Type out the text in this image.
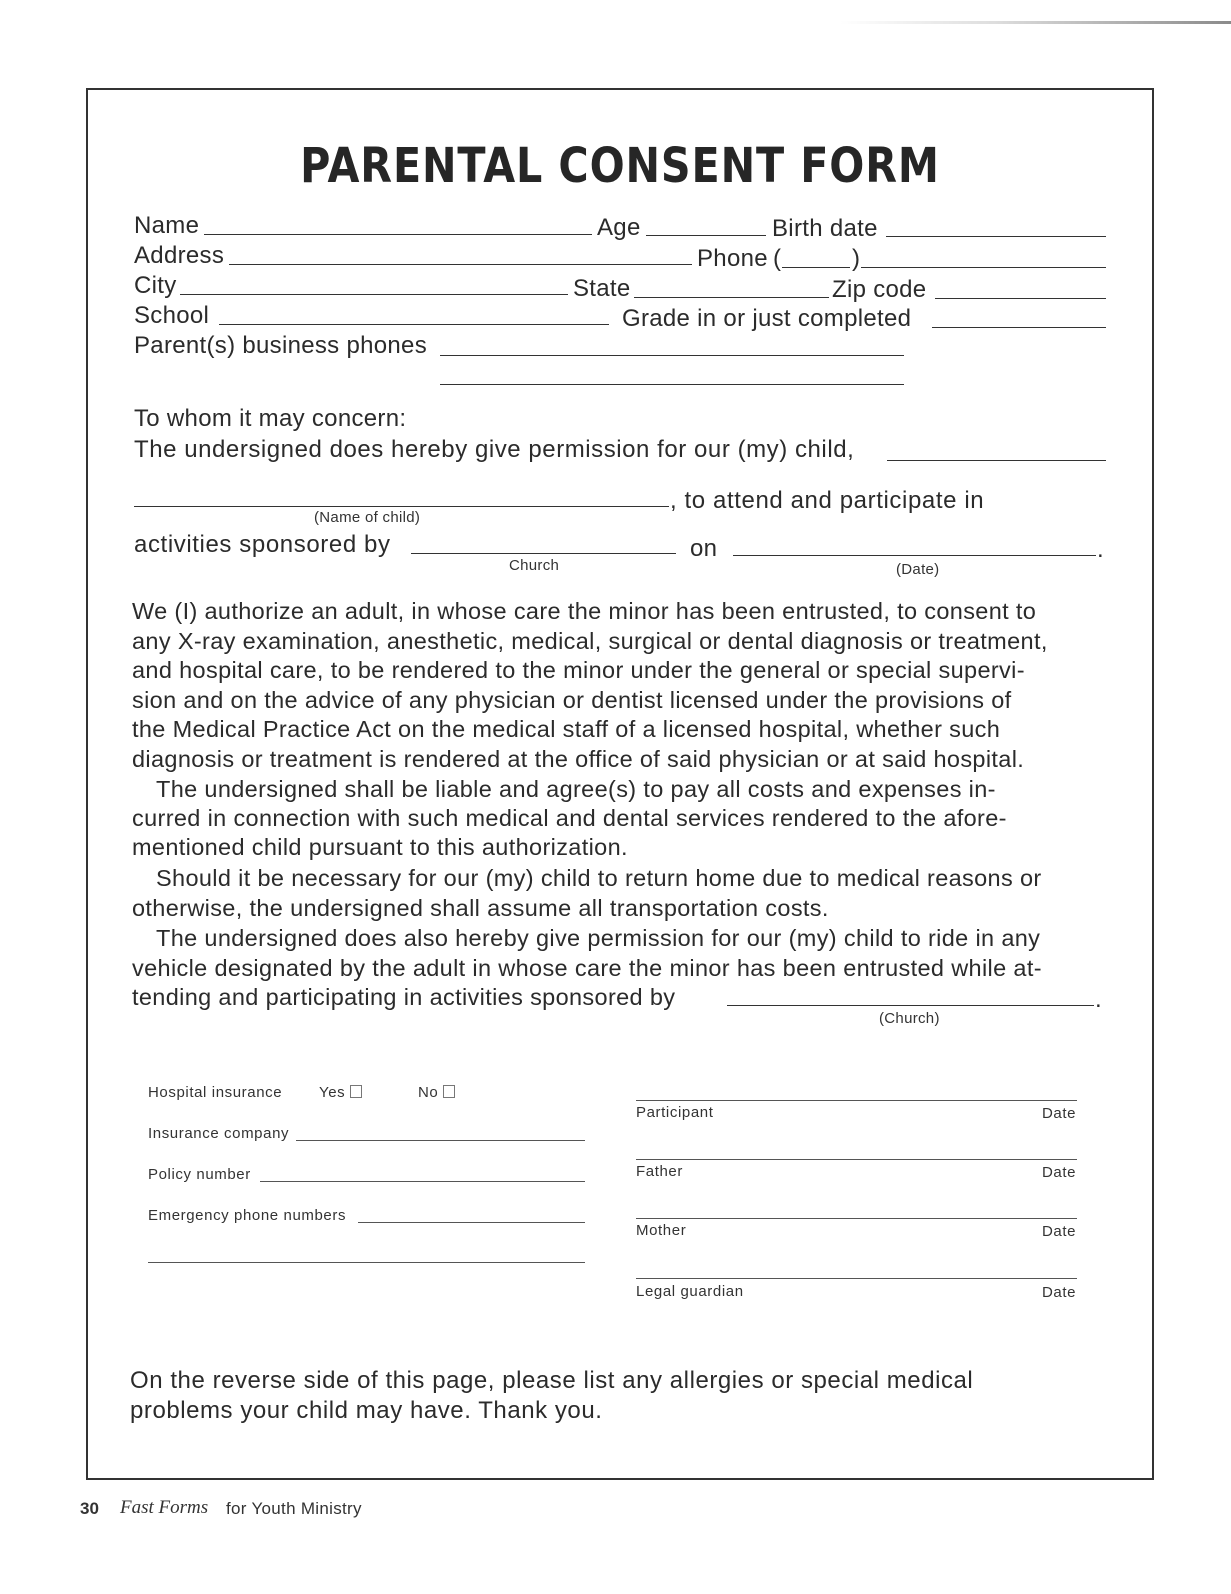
PARENTAL CONSENT FORM
Name	Age	Birth date
Address	Phone (	)
City	State	Zip code
School	Grade in or just completed
Parent(s) business phones
To whom it may concern:
The undersigned does hereby give permission for our (my) child,
, to attend and participate in
(Name of child)
activities sponsored by
Church
on	.
(Date)
We (I) authorize an adult, in whose care the minor has been entrusted, to consent to
any X-ray examination, anesthetic, medical, surgical or dental diagnosis or treatment,
and hospital care, to be rendered to the minor under the general or special supervi-
sion and on the advice of any physician or dentist licensed under the provisions of
the Medical Practice Act on the medical staff of a licensed hospital, whether such
diagnosis or treatment is rendered at the office of said physician or at said hospital.
The undersigned shall be liable and agree(s) to pay all costs and expenses in-
curred in connection with such medical and dental services rendered to the afore-
mentioned child pursuant to this authorization.
Should it be necessary for our (my) child to return home due to medical reasons or
otherwise, the undersigned shall assume all transportation costs.
The undersigned does also hereby give permission for our (my) child to ride in any
vehicle designated by the adult in whose care the minor has been entrusted while at-
tending and participating in activities sponsored by	.
(Church)
Hospital insurance Yes	No
Insurance company
Policy number
Emergency phone numbers
Participant	Date
Father	Date
Mother	Date
Legal guardian	Date
On the reverse side of this page, please list any allergies or special medical
problems your child may have. Thank you.
30 Fast Forms for Youth Ministry
